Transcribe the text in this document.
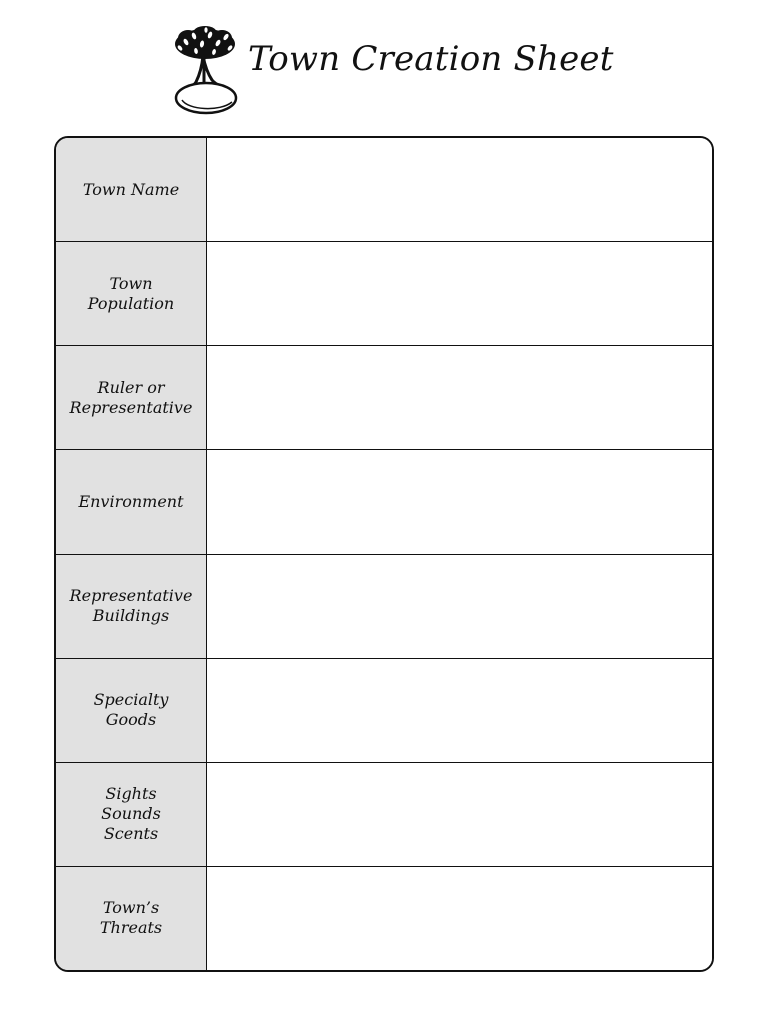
Town Creation Sheet
Town Name
Town
Population
Ruler or
Representative
Environment
Representative
Buildings
Specialty
Goods
Sights
Sounds
Scents
Town’s
Threats
